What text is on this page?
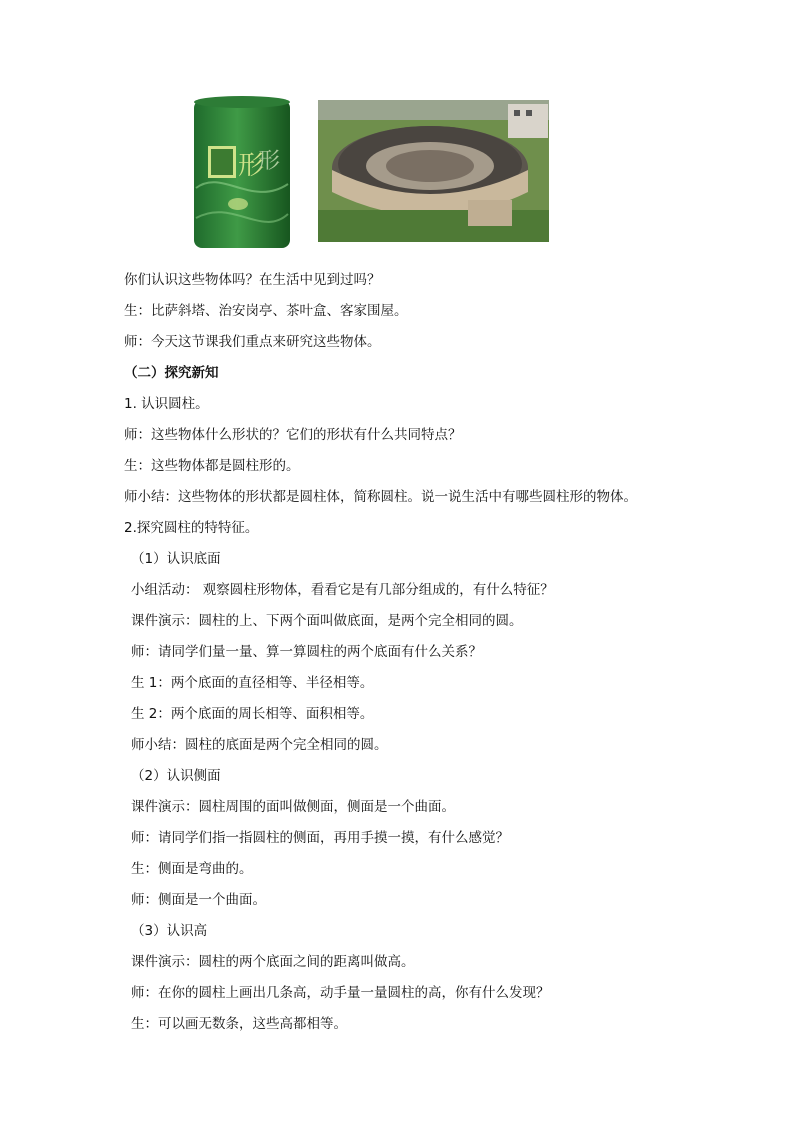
形
形
你们认识这些物体吗？在生活中见到过吗？
生：比萨斜塔、治安岗亭、茶叶盒、客家围屋。
师：今天这节课我们重点来研究这些物体。
（二）探究新知
1. 认识圆柱。
师：这些物体什么形状的？它们的形状有什么共同特点？
生：这些物体都是圆柱形的。
师小结：这些物体的形状都是圆柱体，简称圆柱。说一说生活中有哪些圆柱形的物体。
2.探究圆柱的特特征。
（1）认识底面
小组活动： 观察圆柱形物体，看看它是有几部分组成的，有什么特征？
课件演示：圆柱的上、下两个面叫做底面，是两个完全相同的圆。
师：请同学们量一量、算一算圆柱的两个底面有什么关系？
生 1：两个底面的直径相等、半径相等。
生 2：两个底面的周长相等、面积相等。
师小结：圆柱的底面是两个完全相同的圆。
（2）认识侧面
课件演示：圆柱周围的面叫做侧面，侧面是一个曲面。
师：请同学们指一指圆柱的侧面，再用手摸一摸，有什么感觉？
生：侧面是弯曲的。
师：侧面是一个曲面。
（3）认识高
课件演示：圆柱的两个底面之间的距离叫做高。
师：在你的圆柱上画出几条高，动手量一量圆柱的高，你有什么发现？
生：可以画无数条，这些高都相等。
